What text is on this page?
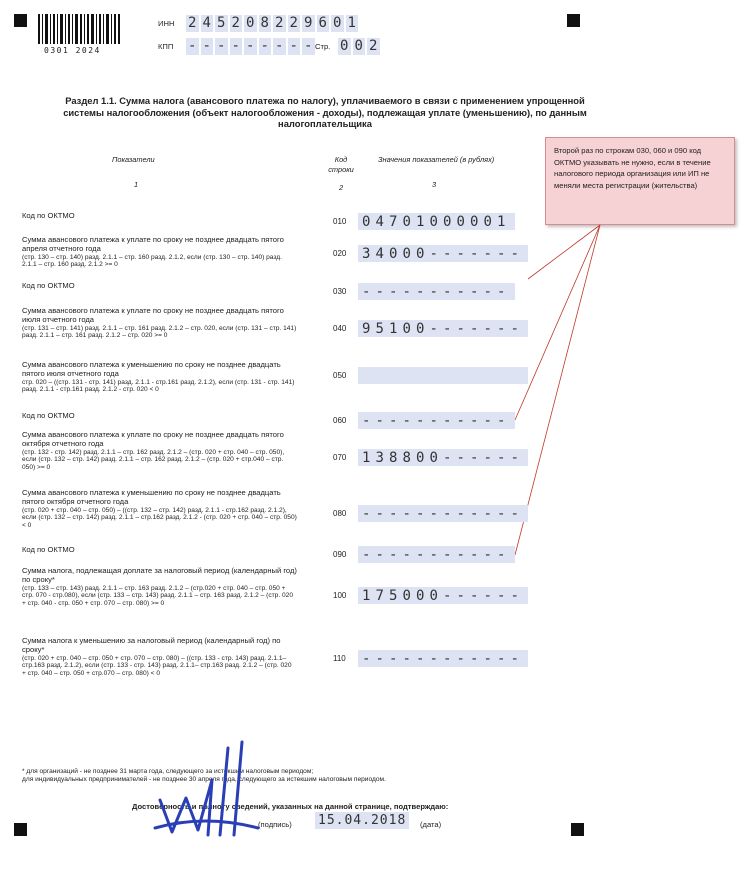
0301 2024
ИНН 2 4 5 2 0 8 2 2 9 6 0 1
КПП - - - - - - - - - Стр. 0 0 2
Раздел 1.1. Сумма налога (авансового платежа по налогу), уплачиваемого в связи с применением упрощенной системы налогообложения (объект налогообложения - доходы), подлежащая уплате (уменьшению), по данным налогоплательщика
Показатели	Код
строки
Значения показателей (в рублях)
1	2	3
Второй раз по строкам 030, 060 и 090 код ОКТМО указывать не нужно, если в течение налогового периода организация или ИП не меняли места регистрации (жительства)
Код по ОКТМО
010 0 4 7 0 1 0 0 0 0 0 1
Сумма авансового платежа к уплате по сроку не позднее двадцать пятого апреля отчетного года
(стр. 130 – стр. 140) разд. 2.1.1 – стр. 160 разд. 2.1.2, если (стр. 130 – стр. 140) разд. 2.1.1 – стр. 160 разд. 2.1.2 >= 0
020 3 4 0 0 0 - - - - - - -
Код по ОКТМО
030 - - - - - - - - - - -
Сумма авансового платежа к уплате по сроку не позднее двадцать пятого июля отчетного года
(стр. 131 – стр. 141) разд. 2.1.1 – стр. 161 разд. 2.1.2 – стр. 020, если (стр. 131 – стр. 141) разд. 2.1.1 – стр. 161 разд. 2.1.2 – стр. 020 >= 0
040 9 5 1 0 0 - - - - - - -
Сумма авансового платежа к уменьшению по сроку не позднее двадцать пятого июля отчетного года
стр. 020 – ((стр. 131 - стр. 141) разд. 2.1.1 - стр.161 разд. 2.1.2), если (стр. 131 - стр. 141) разд. 2.1.1 - стр.161 разд. 2.1.2 - стр. 020 < 0
050
Код по ОКТМО
060 - - - - - - - - - - -
Сумма авансового платежа к уплате по сроку не позднее двадцать пятого октября отчетного года
(стр. 132 - стр. 142) разд. 2.1.1 – стр. 162 разд. 2.1.2 – (стр. 020 + стр. 040 – стр. 050), если (стр. 132 – стр. 142) разд. 2.1.1 – стр. 162 разд. 2.1.2 – (стр. 020 + стр.040 – стр. 050) >= 0
070 1 3 8 8 0 0 - - - - - -
Сумма авансового платежа к уменьшению по сроку не позднее двадцать пятого октября отчетного года
(стр. 020 + стр. 040 – стр. 050) – ((стр. 132 – стр. 142) разд. 2.1.1 - стр.162 разд. 2.1.2), если (стр. 132 – стр. 142) разд. 2.1.1 – стр.162 разд. 2.1.2 - (стр. 020 + стр. 040 – стр. 050) < 0
080 - - - - - - - - - - - -
Код по ОКТМО
090 - - - - - - - - - - -
Сумма налога, подлежащая доплате за налоговый период (календарный год) по сроку*
(стр. 133 – стр. 143) разд. 2.1.1 – стр. 163 разд. 2.1.2 – (стр.020 + стр. 040 – стр. 050 + стр. 070 - стр.080), если (стр. 133 – стр. 143) разд. 2.1.1 – стр. 163 разд. 2.1.2 – (стр. 020 + стр. 040 - стр. 050 + стр. 070 – стр. 080) >= 0
100 1 7 5 0 0 0 - - - - - -
Сумма налога к уменьшению за налоговый период (календарный год) по сроку*
(стр. 020 + стр. 040 – стр. 050 + стр. 070 – стр. 080) – ((стр. 133 - стр. 143) разд. 2.1.1– стр.163 разд. 2.1.2), если (стр. 133 - стр. 143) разд. 2.1.1– стр.163 разд. 2.1.2 – (стр. 020 + стр. 040 – стр. 050 + стр.070 – стр. 080) < 0
110 - - - - - - - - - - - -
* для организаций - не позднее 31 марта года, следующего за истекшим налоговым периодом;
для индивидуальных предпринимателей - не позднее 30 апреля года, следующего за истекшим налоговым периодом.
Достоверность и полноту сведений, указанных на данной странице, подтверждаю:
(подпись) 15.04.2018	(дата)
